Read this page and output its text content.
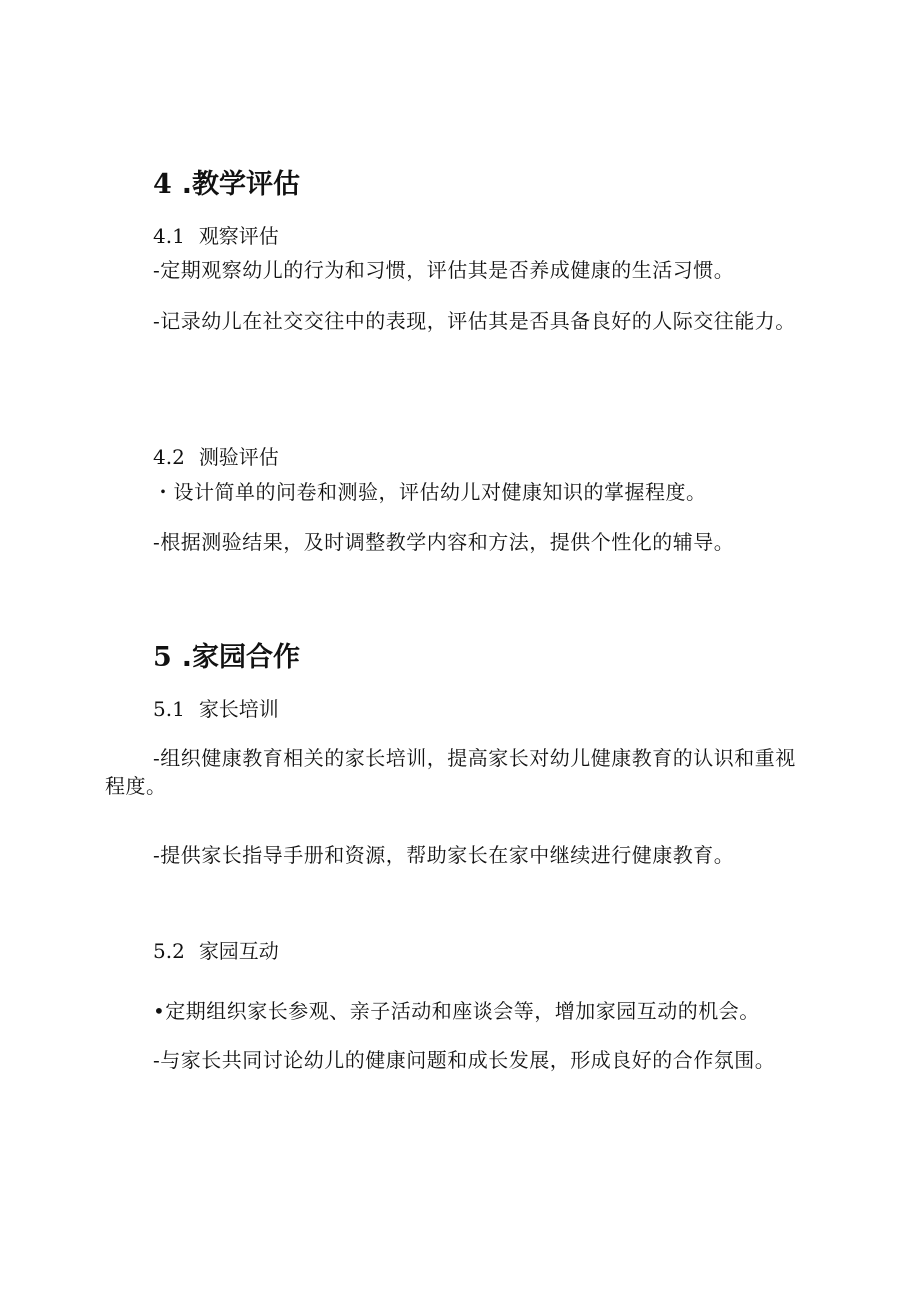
4 .教学评估
4.1 观察评估

-定期观察幼儿的行为和习惯，评估其是否养成健康的生活习惯。

-记录幼儿在社交交往中的表现，评估其是否具备良好的人际交往能力。

4.2 测验评估

・设计简单的问卷和测验，评估幼儿对健康知识的掌握程度。

-根据测验结果，及时调整教学内容和方法，提供个性化的辅导。

5 .家园合作
5.1 家长培训

-组织健康教育相关的家长培训，提高家长对幼儿健康教育的认识和重视程度。

-提供家长指导手册和资源，帮助家长在家中继续进行健康教育。

5.2 家园互动

•定期组织家长参观、亲子活动和座谈会等，增加家园互动的机会。

-与家长共同讨论幼儿的健康问题和成长发展，形成良好的合作氛围。
